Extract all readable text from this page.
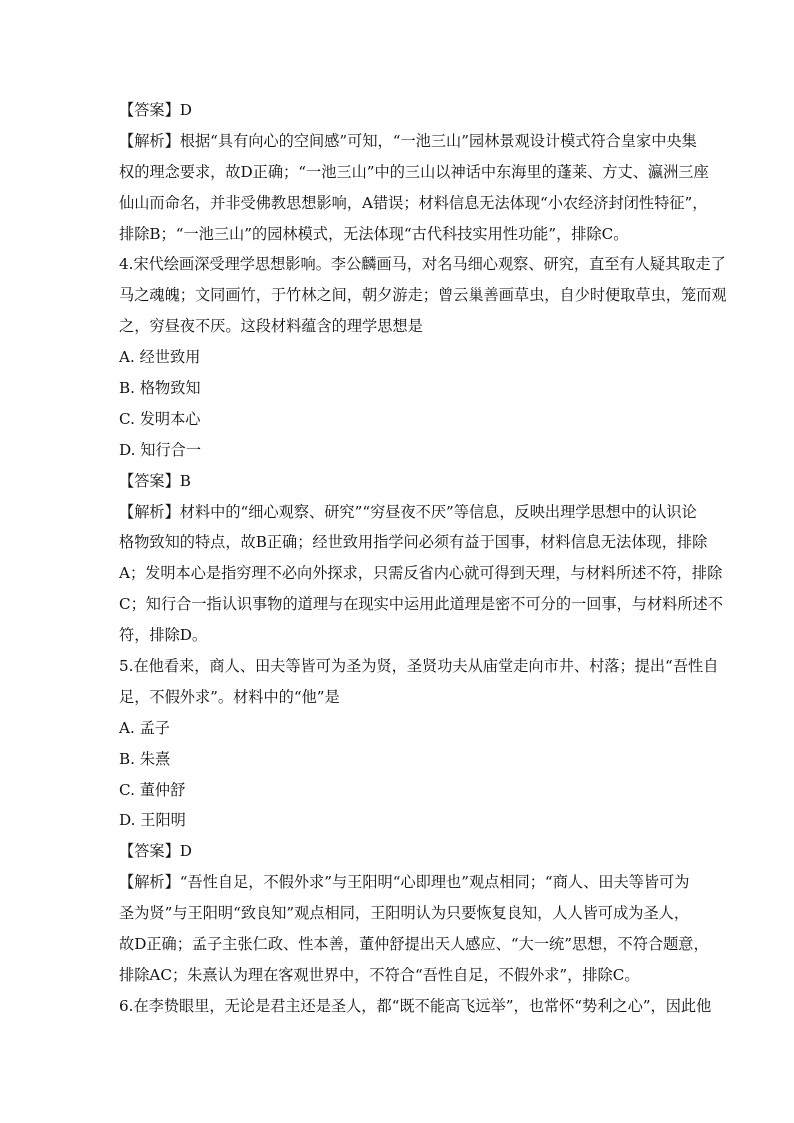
【答案】D
【解析】根据“具有向心的空间感”可知，“一池三山”园林景观设计模式符合皇家中央集
权的理念要求，故D正确；“一池三山”中的三山以神话中东海里的蓬莱、方丈、瀛洲三座
仙山而命名，并非受佛教思想影响，A错误；材料信息无法体现“小农经济封闭性特征”，
排除B；“一池三山”的园林模式，无法体现“古代科技实用性功能”，排除C。
4.宋代绘画深受理学思想影响。李公麟画马，对名马细心观察、研究，直至有人疑其取走了
马之魂魄；文同画竹，于竹林之间，朝夕游走；曾云巢善画草虫，自少时便取草虫，笼而观
之，穷昼夜不厌。这段材料蕴含的理学思想是
A. 经世致用
B. 格物致知
C. 发明本心
D. 知行合一
【答案】B
【解析】材料中的“细心观察、研究”“穷昼夜不厌”等信息，反映出理学思想中的认识论
格物致知的特点，故B正确；经世致用指学问必须有益于国事，材料信息无法体现，排除
A；发明本心是指穷理不必向外探求，只需反省内心就可得到天理，与材料所述不符，排除
C；知行合一指认识事物的道理与在现实中运用此道理是密不可分的一回事，与材料所述不
符，排除D。
5.在他看来，商人、田夫等皆可为圣为贤，圣贤功夫从庙堂走向市井、村落；提出“吾性自
足，不假外求”。材料中的“他”是
A. 孟子
B. 朱熹
C. 董仲舒
D. 王阳明
【答案】D
【解析】“吾性自足，不假外求”与王阳明“心即理也”观点相同；“商人、田夫等皆可为
圣为贤”与王阳明“致良知”观点相同，王阳明认为只要恢复良知，人人皆可成为圣人，
故D正确；孟子主张仁政、性本善，董仲舒提出天人感应、“大一统”思想，不符合题意，
排除AC；朱熹认为理在客观世界中，不符合“吾性自足，不假外求”，排除C。
6.在李贽眼里，无论是君主还是圣人，都“既不能高飞远举”，也常怀“势利之心”，因此他
